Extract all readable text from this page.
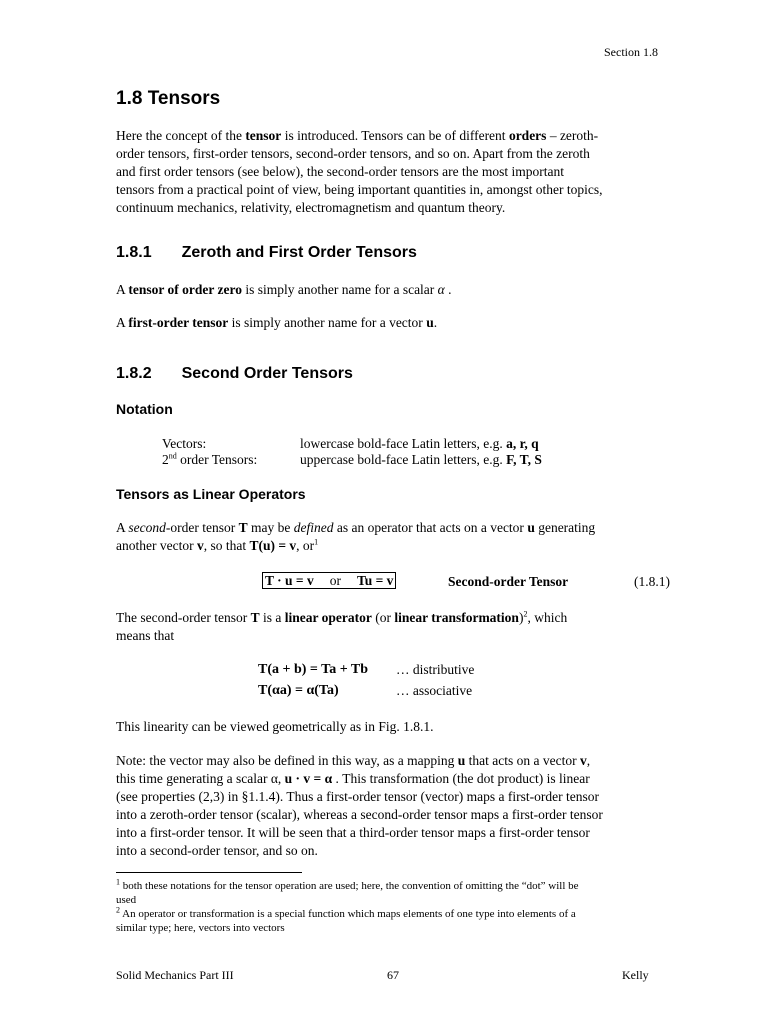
Section 1.8
1.8 Tensors
Here the concept of the tensor is introduced. Tensors can be of different orders – zeroth-
order tensors, first-order tensors, second-order tensors, and so on. Apart from the zeroth
and first order tensors (see below), the second-order tensors are the most important
tensors from a practical point of view, being important quantities in, amongst other topics,
continuum mechanics, relativity, electromagnetism and quantum theory.
1.8.1 Zeroth and First Order Tensors
A tensor of order zero is simply another name for a scalar α .
A first-order tensor is simply another name for a vector u.
1.8.2 Second Order Tensors
Notation
Vectors:	lowercase bold-face Latin letters, e.g. a, r, q
2nd order Tensors:	uppercase bold-face Latin letters, e.g. F, T, S
Tensors as Linear Operators
A second-order tensor T may be defined as an operator that acts on a vector u generating
another vector v, so that T(u) = v, $or^1$
T · u = v or Tu = v	Second-order Tensor	(1.8.1)
The second-order tensor T is a linear operator (or linear transformation)$^2$, which
means that
T(a + b) = Ta + Tb … distributive
T(αa) = α(Ta)	… associative
This linearity can be viewed geometrically as in Fig. 1.8.1.
Note: the vector may also be defined in this way, as a mapping u that acts on a vector v,
this time generating a scalar α, u · v = α . This transformation (the dot product) is linear
(see properties (2,3) in §1.1.4). Thus a first-order tensor (vector) maps a first-order tensor
into a zeroth-order tensor (scalar), whereas a second-order tensor maps a first-order tensor
into a first-order tensor. It will be seen that a third-order tensor maps a first-order tensor
into a second-order tensor, and so on.
$^1$ both these notations for the tensor operation are used; here, the convention of omitting the “dot” will be
used
$^2$ An operator or transformation is a special function which maps elements of one type into elements of a
similar type; here, vectors into vectors
Solid Mechanics Part III	67	Kelly
